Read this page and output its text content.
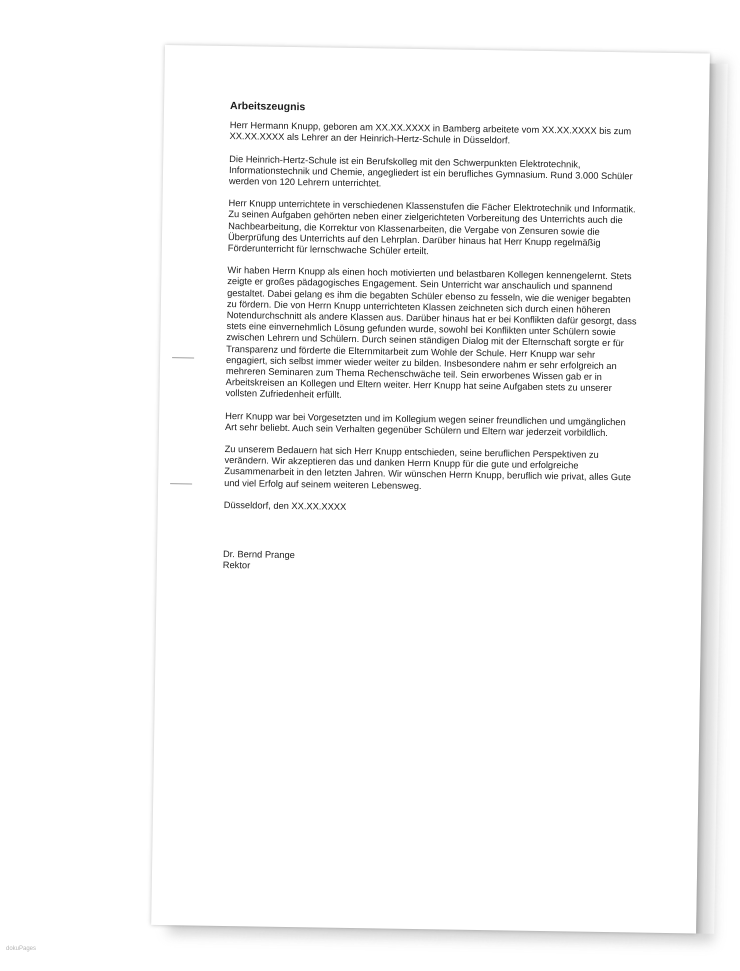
Arbeitszeugnis

Herr Hermann Knupp, geboren am XX.XX.XXXX in Bamberg arbeitete vom XX.XX.XXXX bis zum XX.XX.XXXX als Lehrer an der Heinrich-Hertz-Schule in Düsseldorf.

Die Heinrich-Hertz-Schule ist ein Berufskolleg mit den Schwerpunkten Elektrotechnik, Informationstechnik und Chemie, angegliedert ist ein berufliches Gymnasium. Rund 3.000 Schüler werden von 120 Lehrern unterrichtet.

Herr Knupp unterrichtete in verschiedenen Klassenstufen die Fächer Elektrotechnik und Informatik. Zu seinen Aufgaben gehörten neben einer zielgerichteten Vorbereitung des Unterrichts auch die Nachbearbeitung, die Korrektur von Klassenarbeiten, die Vergabe von Zensuren sowie die Überprüfung des Unterrichts auf den Lehrplan. Darüber hinaus hat Herr Knupp regelmäßig Förderunterricht für lernschwache Schüler erteilt.

Wir haben Herrn Knupp als einen hoch motivierten und belastbaren Kollegen kennengelernt. Stets zeigte er großes pädagogisches Engagement. Sein Unterricht war anschaulich und spannend gestaltet. Dabei gelang es ihm die begabten Schüler ebenso zu fesseln, wie die weniger begabten zu fördern. Die von Herrn Knupp unterrichteten Klassen zeichneten sich durch einen höheren Notendurchschnitt als andere Klassen aus. Darüber hinaus hat er bei Konflikten dafür gesorgt, dass stets eine einvernehmlich Lösung gefunden wurde, sowohl bei Konflikten unter Schülern sowie zwischen Lehrern und Schülern. Durch seinen ständigen Dialog mit der Elternschaft sorgte er für Transparenz und förderte die Elternmitarbeit zum Wohle der Schule. Herr Knupp war sehr engagiert, sich selbst immer wieder weiter zu bilden. Insbesondere nahm er sehr erfolgreich an mehreren Seminaren zum Thema Rechenschwäche teil. Sein erworbenes Wissen gab er in Arbeitskreisen an Kollegen und Eltern weiter. Herr Knupp hat seine Aufgaben stets zu unserer vollsten Zufriedenheit erfüllt.

Herr Knupp war bei Vorgesetzten und im Kollegium wegen seiner freundlichen und umgänglichen Art sehr beliebt. Auch sein Verhalten gegenüber Schülern und Eltern war jederzeit vorbildlich.

Zu unserem Bedauern hat sich Herr Knupp entschieden, seine beruflichen Perspektiven zu verändern. Wir akzeptieren das und danken Herrn Knupp für die gute und erfolgreiche Zusammenarbeit in den letzten Jahren. Wir wünschen Herrn Knupp, beruflich wie privat, alles Gute und viel Erfolg auf seinem weiteren Lebensweg.

Düsseldorf, den XX.XX.XXXX

Dr. Bernd Prange

Rektor

dokuPages
